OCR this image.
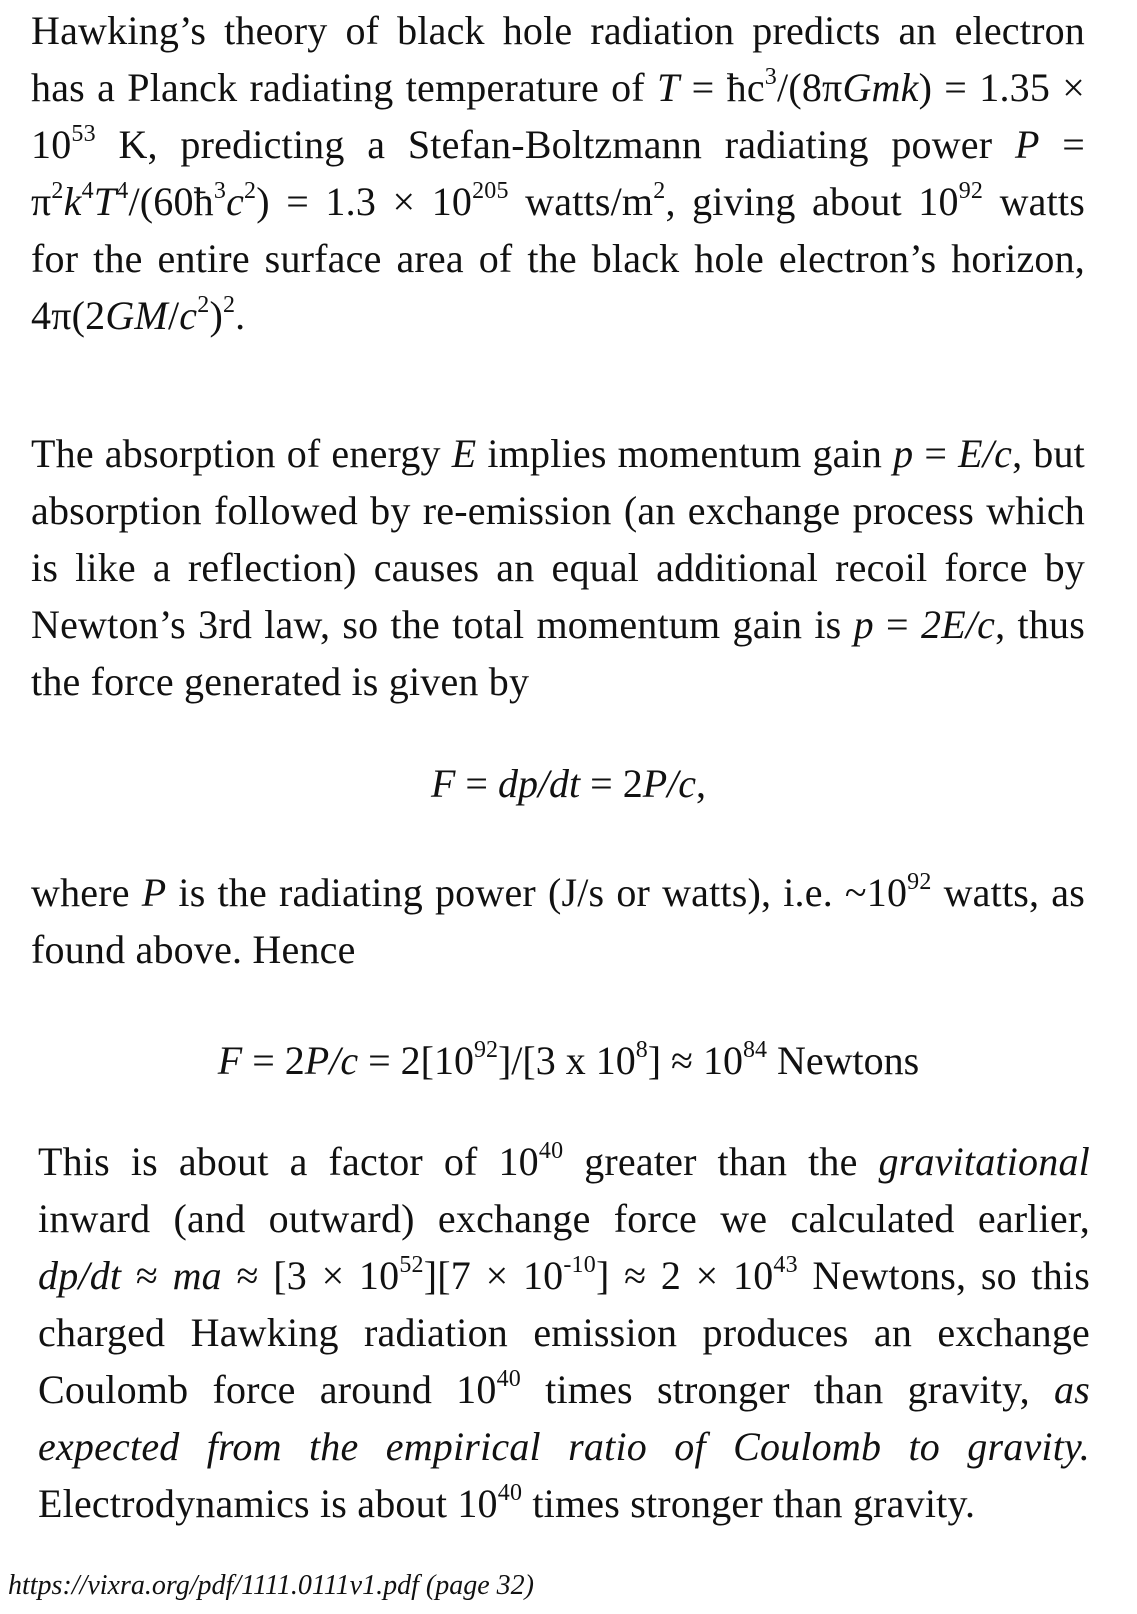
Hawking’s theory of black hole radiation predicts an electron has a Planck radiating temperature of $T = ħc^3/(8\pi Gmk) = 1.35 \times 10^{53}$ K, predicting a Stefan-Boltzmann radiating power $P = \pi^2k^4T^4/(60ħ^3c^2) = 1.3 \times 10^{205}$ watts/$m^2$, giving about $10^{92}$ watts for the entire surface area of the black hole electron’s horizon, $4\pi(2GM/c^2)^2$.

The absorption of energy E implies momentum gain p = E/c, but absorption followed by re-emission (an exchange process which is like a reflection) causes an equal additional recoil force by Newton’s 3rd law, so the total momentum gain is p = 2E/c, thus the force generated is given by

F = dp/dt = 2P/c,

where P is the radiating power (J/s or watts), i.e. $\sim 10^{92}$ watts, as found above. Hence

$F = 2P/c = 2[10^{92}]/[3$ x $10^8] \approx 10^{84}$ Newtons

This is about a factor of $10^{40}$ greater than the gravitational inward (and outward) exchange force we calculated earlier, dp/dt ≈ ma ≈ $[3 \times 10^{52}][7 \times 10^{-10}] \approx 2 \times 10^{43}$ Newtons, so this charged Hawking radiation emission produces an exchange Coulomb force around $10^{40}$ times stronger than gravity, as expected from the empirical ratio of Coulomb to gravity. Electrodynamics is about $10^{40}$ times stronger than gravity.

https://vixra.org/pdf/1111.0111v1.pdf (page 32)
